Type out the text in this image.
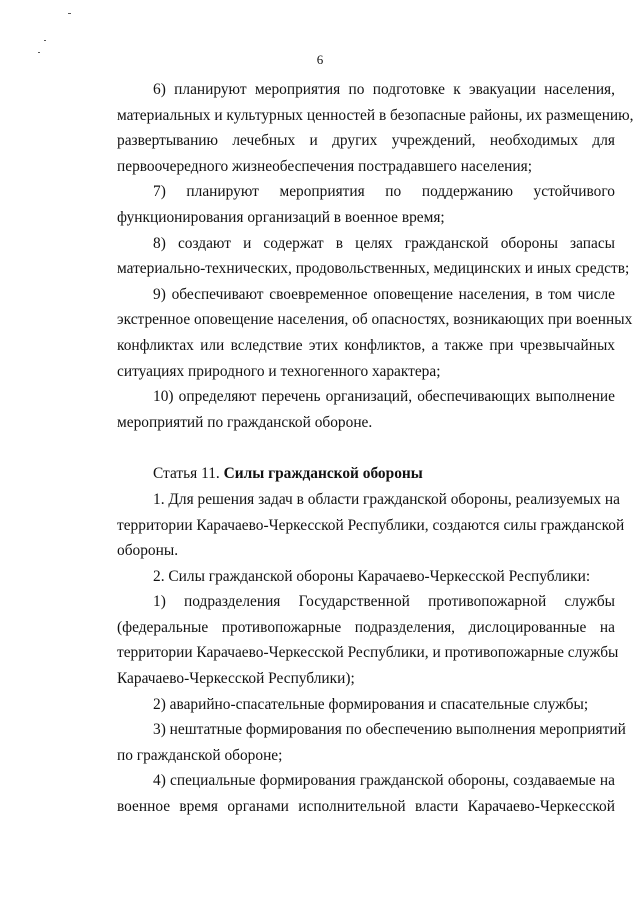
6
6) планируют мероприятия по подготовке к эвакуации населения,
материальных и культурных ценностей в безопасные районы, их размещению,
развертыванию лечебных и других учреждений, необходимых для
первоочередного жизнеобеспечения пострадавшего населения;
7) планируют мероприятия по поддержанию устойчивого
функционирования организаций в военное время;
8) создают и содержат в целях гражданской обороны запасы
материально-технических, продовольственных, медицинских и иных средств;
9) обеспечивают своевременное оповещение населения, в том числе
экстренное оповещение населения, об опасностях, возникающих при военных
конфликтах или вследствие этих конфликтов, а также при чрезвычайных
ситуациях природного и техногенного характера;
10) определяют перечень организаций, обеспечивающих выполнение
мероприятий по гражданской обороне.

Статья 11. Силы гражданской обороны

1. Для решения задач в области гражданской обороны, реализуемых на
территории Карачаево-Черкесской Республики, создаются силы гражданской
обороны.
2. Силы гражданской обороны Карачаево-Черкесской Республики:
1) подразделения Государственной противопожарной службы
(федеральные противопожарные подразделения, дислоцированные на
территории Карачаево-Черкесской Республики, и противопожарные службы
Карачаево-Черкесской Республики);
2) аварийно-спасательные формирования и спасательные службы;
3) нештатные формирования по обеспечению выполнения мероприятий
по гражданской обороне;
4) специальные формирования гражданской обороны, создаваемые на
военное время органами исполнительной власти Карачаево-Черкесской
